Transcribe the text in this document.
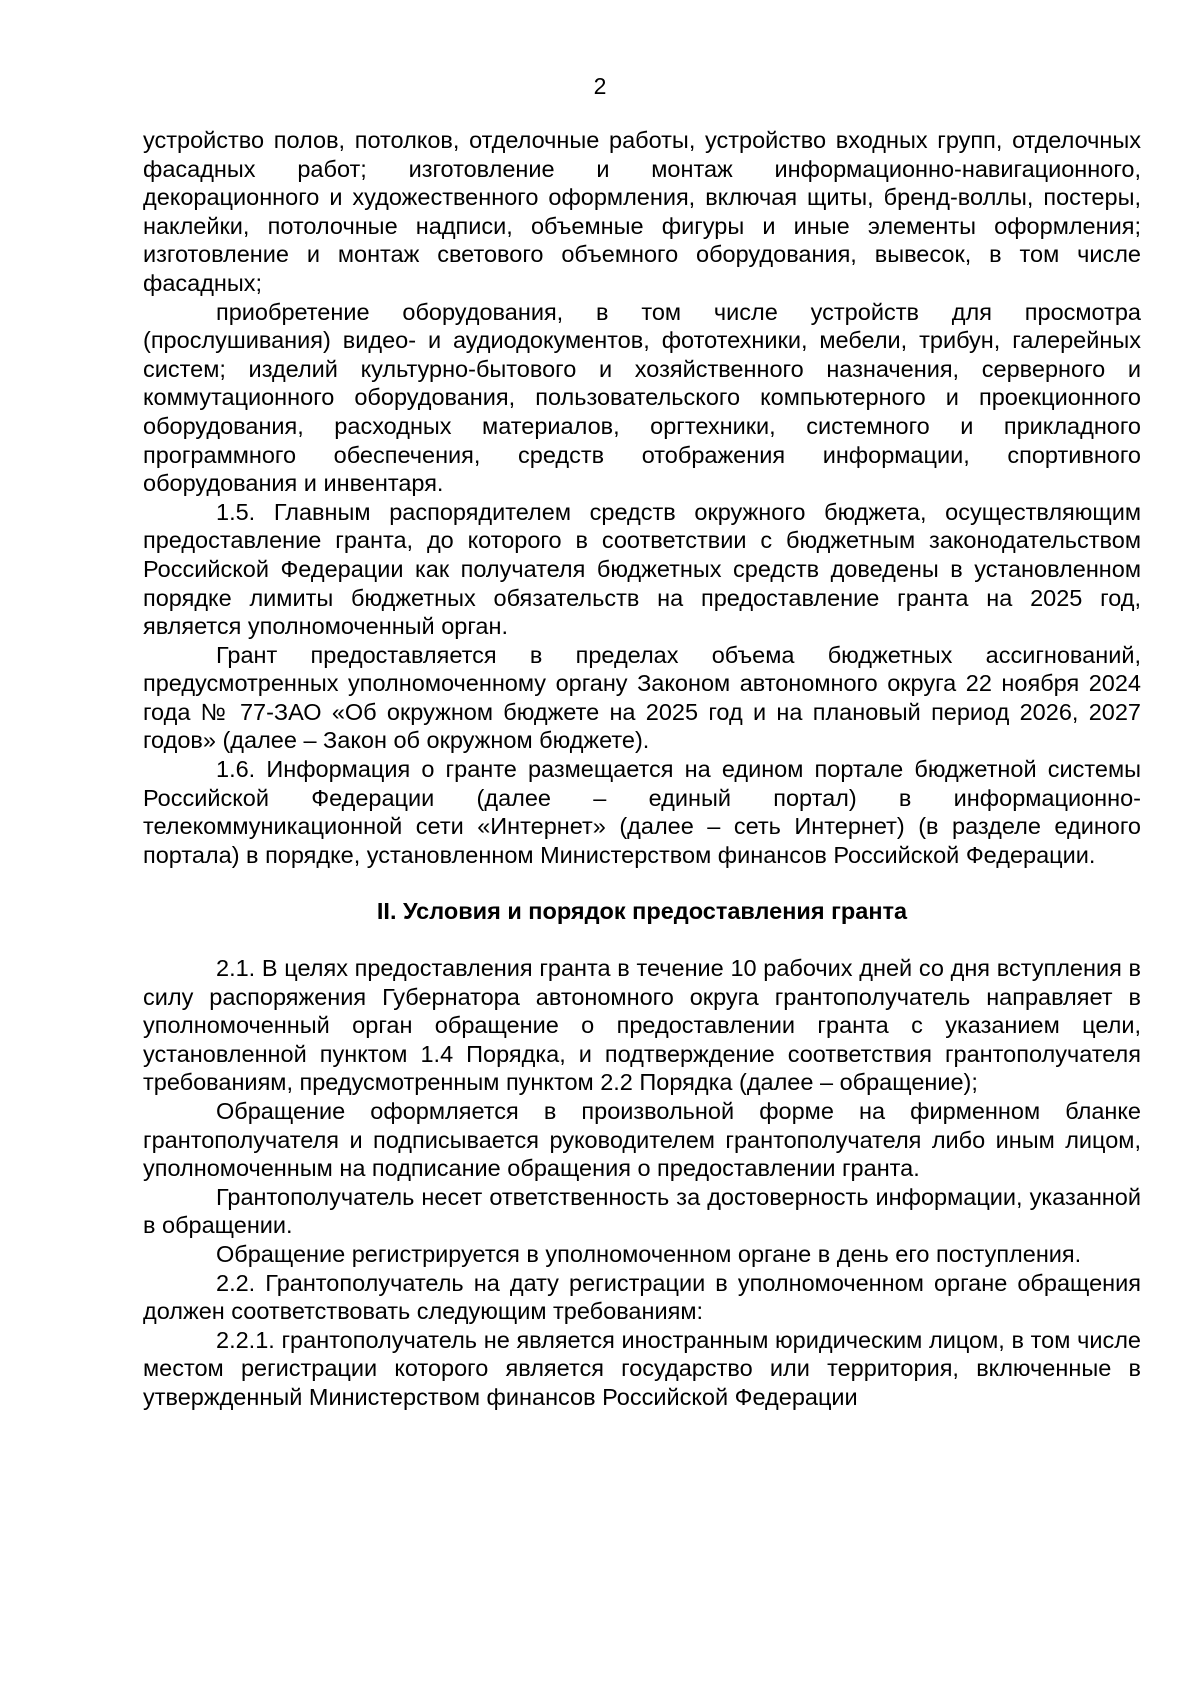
2

устройство полов, потолков, отделочные работы, устройство входных групп, отделочных фасадных работ; изготовление и монтаж информационно-навигационного, декорационного и художественного оформления, включая щиты, бренд-воллы, постеры, наклейки, потолочные надписи, объемные фигуры и иные элементы оформления; изготовление и монтаж светового объемного оборудования, вывесок, в том числе фасадных;

приобретение оборудования, в том числе устройств для просмотра (прослушивания) видео- и аудиодокументов, фототехники, мебели, трибун, галерейных систем; изделий культурно-бытового и хозяйственного назначения, серверного и коммутационного оборудования, пользовательского компьютерного и проекционного оборудования, расходных материалов, оргтехники, системного и прикладного программного обеспечения, средств отображения информации, спортивного оборудования и инвентаря.

1.5. Главным распорядителем средств окружного бюджета, осуществляющим предоставление гранта, до которого в соответствии с бюджетным законодательством Российской Федерации как получателя бюджетных средств доведены в установленном порядке лимиты бюджетных обязательств на предоставление гранта на 2025 год, является уполномоченный орган.

Грант предоставляется в пределах объема бюджетных ассигнований, предусмотренных уполномоченному органу Законом автономного округа 22 ноября 2024 года № 77-ЗАО «Об окружном бюджете на 2025 год и на плановый период 2026, 2027 годов» (далее – Закон об окружном бюджете).

1.6. Информация о гранте размещается на едином портале бюджетной системы Российской Федерации (далее – единый портал) в информационно-телекоммуникационной сети «Интернет» (далее – сеть Интернет) (в разделе единого портала) в порядке, установленном Министерством финансов Российской Федерации.

II. Условия и порядок предоставления гранта

2.1. В целях предоставления гранта в течение 10 рабочих дней со дня вступления в силу распоряжения Губернатора автономного округа грантополучатель направляет в уполномоченный орган обращение о предоставлении гранта с указанием цели, установленной пунктом 1.4 Порядка, и подтверждение соответствия грантополучателя требованиям, предусмотренным пунктом 2.2 Порядка (далее – обращение);

Обращение оформляется в произвольной форме на фирменном бланке грантополучателя и подписывается руководителем грантополучателя либо иным лицом, уполномоченным на подписание обращения о предоставлении гранта.

Грантополучатель несет ответственность за достоверность информации, указанной в обращении.

Обращение регистрируется в уполномоченном органе в день его поступления.

2.2. Грантополучатель на дату регистрации в уполномоченном органе обращения должен соответствовать следующим требованиям:

2.2.1. грантополучатель не является иностранным юридическим лицом, в том числе местом регистрации которого является государство или территория, включенные в утвержденный Министерством финансов Российской Федерации
